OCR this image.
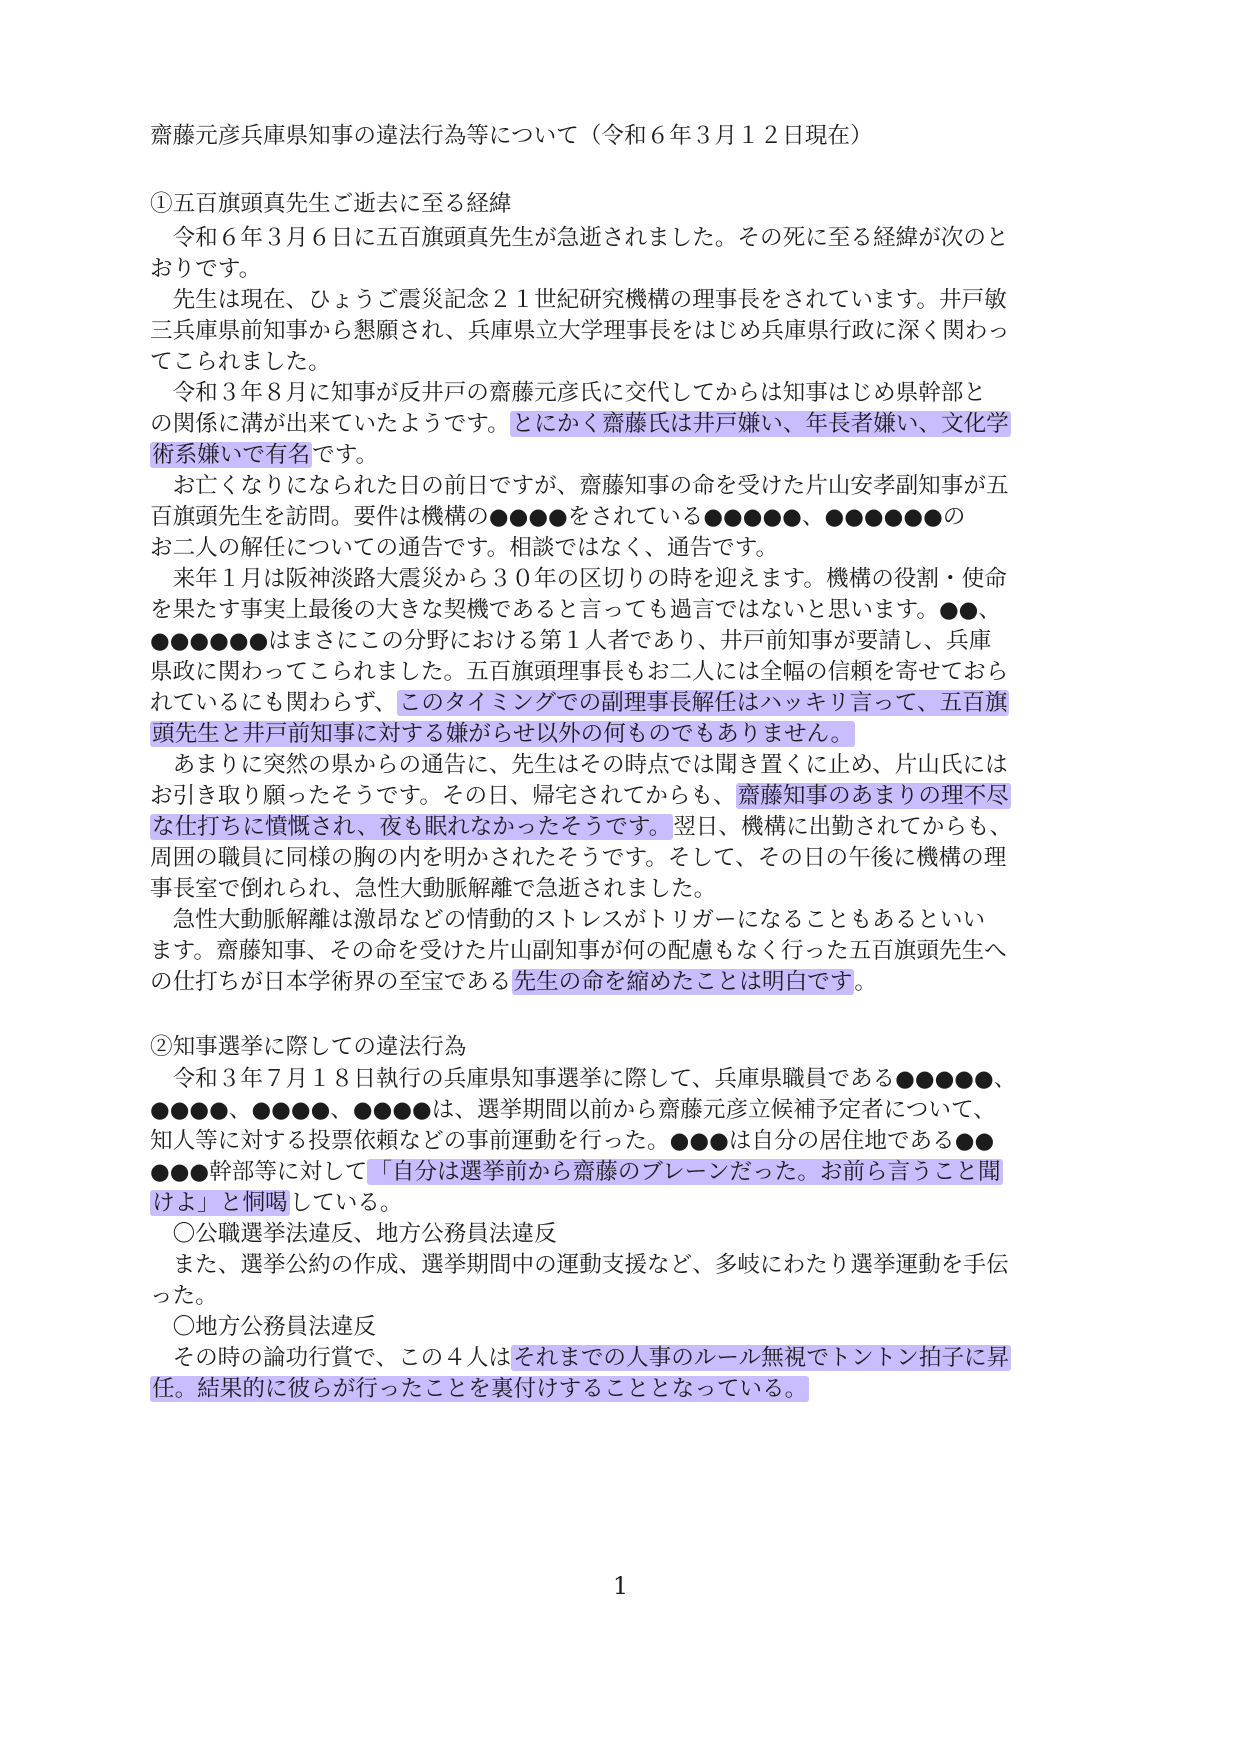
齋藤元彦兵庫県知事の違法行為等について（令和６年３月１２日現在）
①五百旗頭真先生ご逝去に至る経緯
　令和６年３月６日に五百旗頭真先生が急逝されました。その死に至る経緯が次のと
おりです。
　先生は現在、ひょうご震災記念２１世紀研究機構の理事長をされています。井戸敏
三兵庫県前知事から懇願され、兵庫県立大学理事長をはじめ兵庫県行政に深く関わっ
てこられました。
　令和３年８月に知事が反井戸の齋藤元彦氏に交代してからは知事はじめ県幹部と
の関係に溝が出来ていたようです。とにかく齋藤氏は井戸嫌い、年長者嫌い、文化学
術系嫌いで有名です。
　お亡くなりになられた日の前日ですが、齋藤知事の命を受けた片山安孝副知事が五
百旗頭先生を訪問。要件は機構の●●●●をされている●●●●●、●●●●●●の
お二人の解任についての通告です。相談ではなく、通告です。
　来年１月は阪神淡路大震災から３０年の区切りの時を迎えます。機構の役割・使命
を果たす事実上最後の大きな契機であると言っても過言ではないと思います。●●、
●●●●●●はまさにこの分野における第１人者であり、井戸前知事が要請し、兵庫
県政に関わってこられました。五百旗頭理事長もお二人には全幅の信頼を寄せておら
れているにも関わらず、このタイミングでの副理事長解任はハッキリ言って、五百旗
頭先生と井戸前知事に対する嫌がらせ以外の何ものでもありません。
　あまりに突然の県からの通告に、先生はその時点では聞き置くに止め、片山氏には
お引き取り願ったそうです。その日、帰宅されてからも、齋藤知事のあまりの理不尽
な仕打ちに憤慨され、夜も眠れなかったそうです。翌日、機構に出勤されてからも、
周囲の職員に同様の胸の内を明かされたそうです。そして、その日の午後に機構の理
事長室で倒れられ、急性大動脈解離で急逝されました。
　急性大動脈解離は激昂などの情動的ストレスがトリガーになることもあるといい
ます。齋藤知事、その命を受けた片山副知事が何の配慮もなく行った五百旗頭先生へ
の仕打ちが日本学術界の至宝である先生の命を縮めたことは明白です。
②知事選挙に際しての違法行為
　令和３年７月１８日執行の兵庫県知事選挙に際して、兵庫県職員である●●●●●、
●●●●、●●●●、●●●●は、選挙期間以前から齋藤元彦立候補予定者について、
知人等に対する投票依頼などの事前運動を行った。●●●は自分の居住地である●●
●●●幹部等に対して「自分は選挙前から齋藤のブレーンだった。お前ら言うこと聞
けよ」と恫喝している。
　〇公職選挙法違反、地方公務員法違反
　また、選挙公約の作成、選挙期間中の運動支援など、多岐にわたり選挙運動を手伝
った。
　〇地方公務員法違反
　その時の論功行賞で、この４人はそれまでの人事のルール無視でトントン拍子に昇
任。結果的に彼らが行ったことを裏付けすることとなっている。
1
